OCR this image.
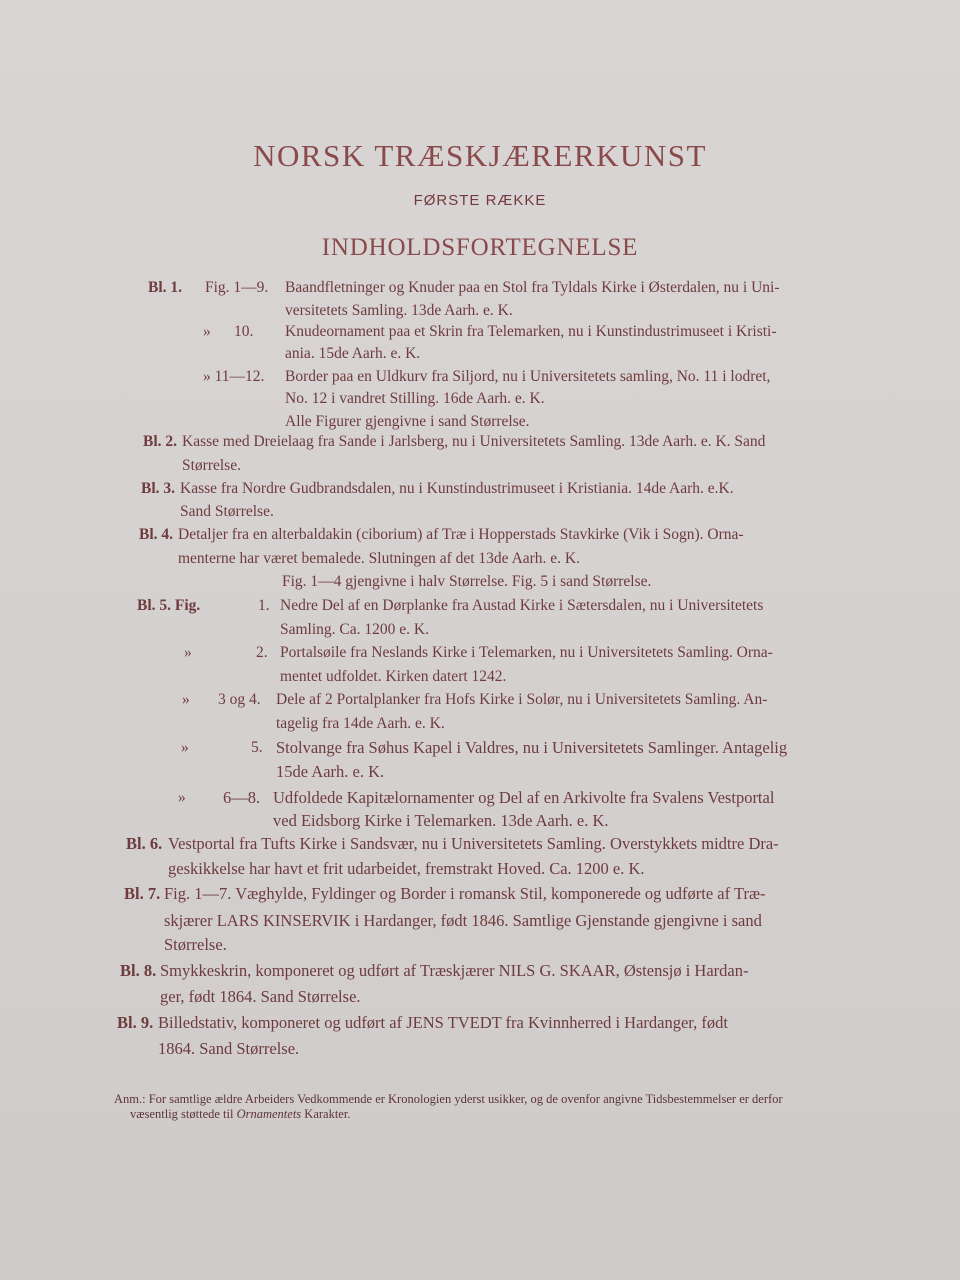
NORSK TRÆSKJÆRERKUNST
FØRSTE RÆKKE
INDHOLDSFORTEGNELSE
Bl. 1. Fig. 1—9. Baandfletninger og Knuder paa en Stol fra Tyldals Kirke i Østerdalen, nu i Uni-
versitetets Samling. 13de Aarh. e. K.
»      10. Knudeornament paa et Skrin fra Telemarken, nu i Kunstindustrimuseet i Kristi-
ania. 15de Aarh. e. K.
» 11—12. Border paa en Uldkurv fra Siljord, nu i Universitetets samling, No. 11 i lodret,
No. 12 i vandret Stilling. 16de Aarh. e. K.
Alle Figurer gjengivne i sand Størrelse.
Bl. 2. Kasse med Dreielaag fra Sande i Jarlsberg, nu i Universitetets Samling. 13de Aarh. e. K. Sand
Størrelse.
Bl. 3. Kasse fra Nordre Gudbrandsdalen, nu i Kunstindustrimuseet i Kristiania. 14de Aarh. e.K.
Sand Størrelse.
Bl. 4. Detaljer fra en alterbaldakin (ciborium) af Træ i Hopperstads Stavkirke (Vik i Sogn). Orna-
menterne har været bemalede. Slutningen af det 13de Aarh. e. K.
Fig. 1—4 gjengivne i halv Størrelse. Fig. 5 i sand Størrelse.
Bl. 5. Fig.	1. Nedre Del af en Dørplanke fra Austad Kirke i Sætersdalen, nu i Universitetets
Samling. Ca. 1200 e. K.
»	2. Portalsøile fra Neslands Kirke i Telemarken, nu i Universitetets Samling. Orna-
mentet udfoldet. Kirken datert 1242.
» 3 og 4. Dele af 2 Portalplanker fra Hofs Kirke i Solør, nu i Universitetets Samling. An-
tagelig fra 14de Aarh. e. K.
»	5. Stolvange fra Søhus Kapel i Valdres, nu i Universitetets Samlinger. Antagelig
15de Aarh. e. K.
» 6—8. Udfoldede Kapitælornamenter og Del af en Arkivolte fra Svalens Vestportal
ved Eidsborg Kirke i Telemarken. 13de Aarh. e. K.
Bl. 6. Vestportal fra Tufts Kirke i Sandsvær, nu i Universitetets Samling. Overstykkets midtre Dra-
geskikkelse har havt et frit udarbeidet, fremstrakt Hoved. Ca. 1200 e. K.
Bl. 7. Fig. 1—7. Væghylde, Fyldinger og Border i romansk Stil, komponerede og udførte af Træ-
skjærer LARS KINSERVIK i Hardanger, født 1846. Samtlige Gjenstande gjengivne i sand
Størrelse.
Bl. 8. Smykkeskrin, komponeret og udført af Træskjærer NILS G. SKAAR, Østensjø i Hardan-
ger, født 1864. Sand Størrelse.
Bl. 9. Billedstativ, komponeret og udført af JENS TVEDT fra Kvinnherred i Hardanger, født
1864. Sand Størrelse.
Anm.: For samtlige ældre Arbeiders Vedkommende er Kronologien yderst usikker, og de ovenfor angivne Tidsbestemmelser er derfor
væsentlig støttede til Ornamentets Karakter.
